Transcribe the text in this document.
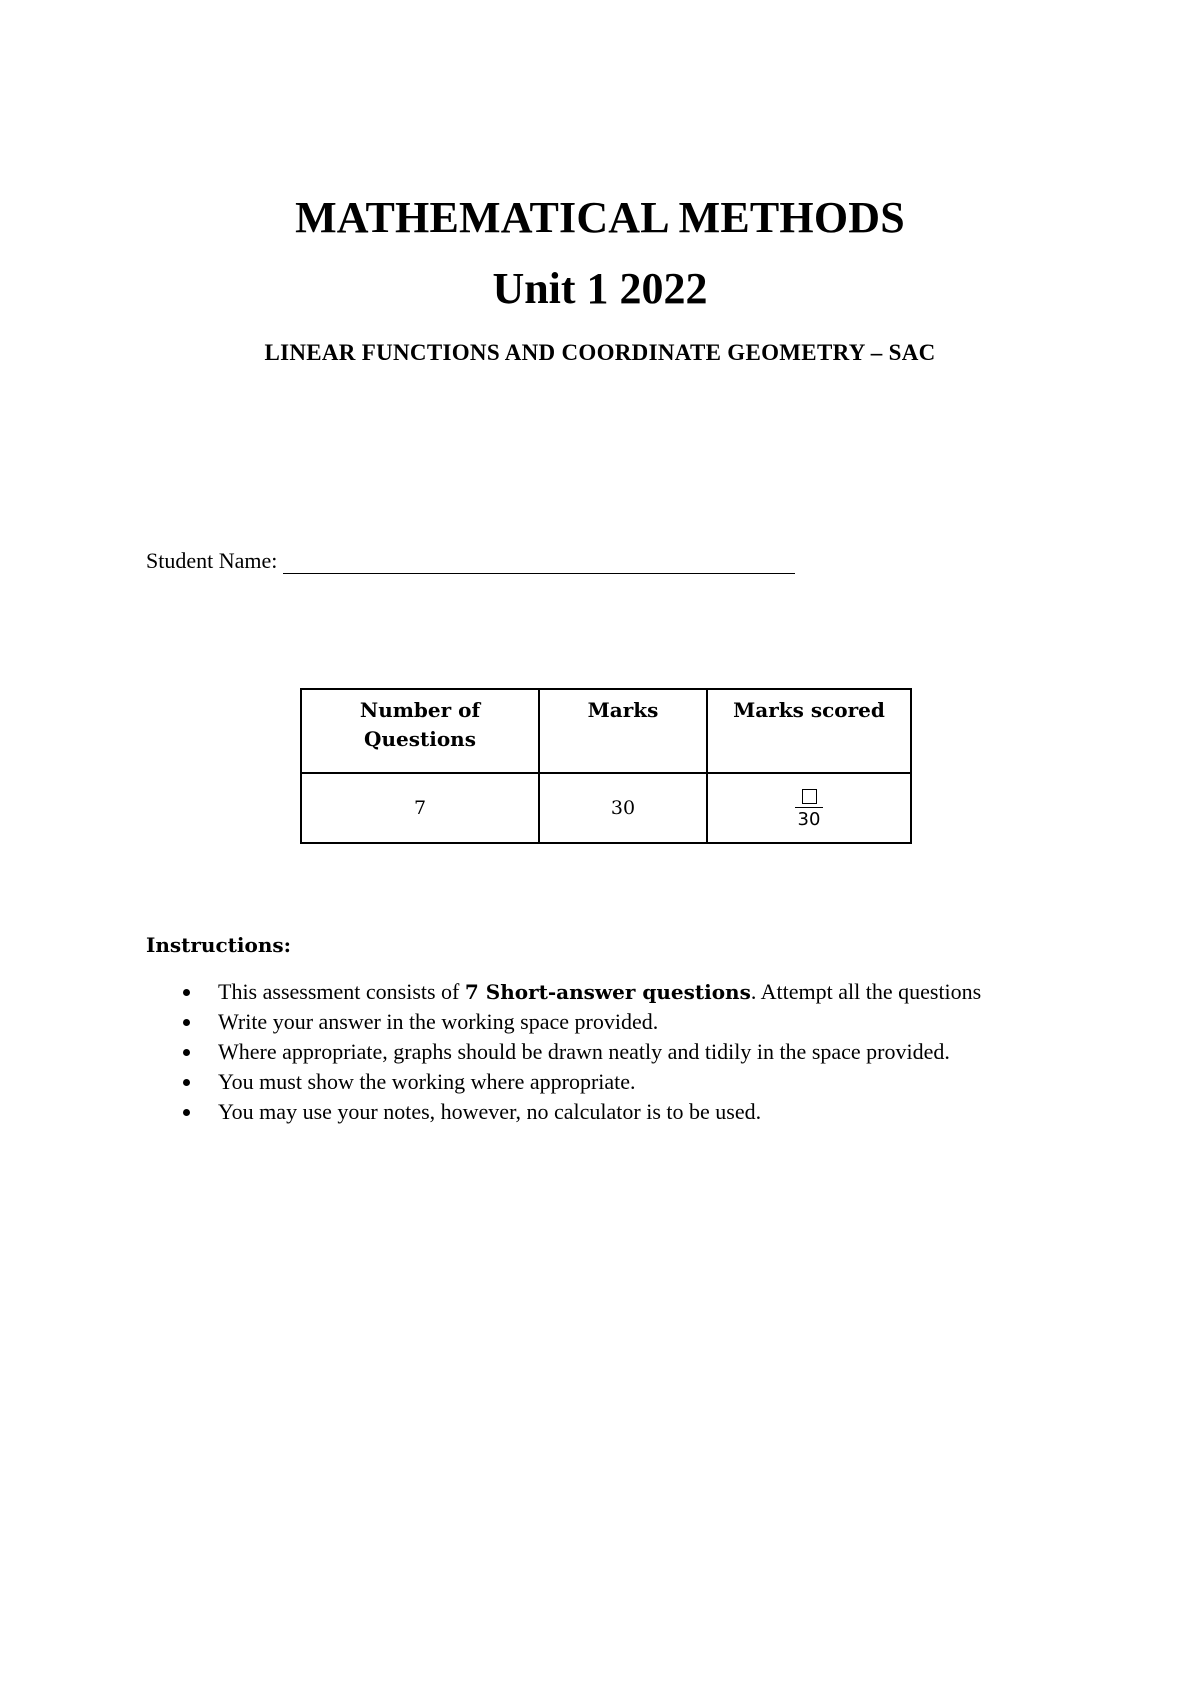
MATHEMATICAL METHODS
Unit 1 2022
LINEAR FUNCTIONS AND COORDINATE GEOMETRY – SAC
Student Name:
Number of Questions	Marks	Marks scored
7	30	30
Instructions:
This assessment consists of 7 Short-answer questions. Attempt all the questions
Write your answer in the working space provided.
Where appropriate, graphs should be drawn neatly and tidily in the space provided.
You must show the working where appropriate.
You may use your notes, however, no calculator is to be used.
